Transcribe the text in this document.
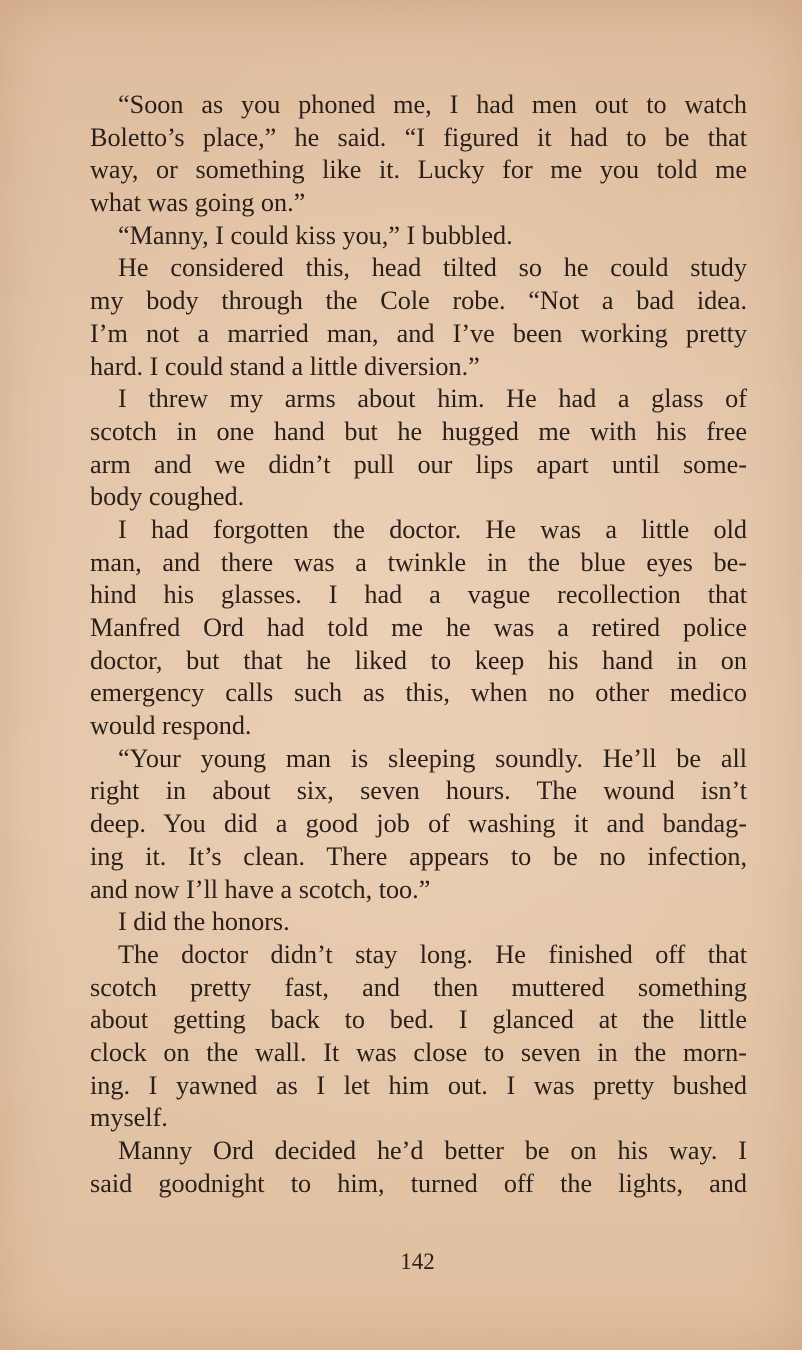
“Soon as you phoned me, I had men out to watch
Boletto’s place,” he said. “I figured it had to be that
way, or something like it. Lucky for me you told me
what was going on.”
“Manny, I could kiss you,” I bubbled.
He considered this, head tilted so he could study
my body through the Cole robe. “Not a bad idea.
I’m not a married man, and I’ve been working pretty
hard. I could stand a little diversion.”
I threw my arms about him. He had a glass of
scotch in one hand but he hugged me with his free
arm and we didn’t pull our lips apart until some-
body coughed.
I had forgotten the doctor. He was a little old
man, and there was a twinkle in the blue eyes be-
hind his glasses. I had a vague recollection that
Manfred Ord had told me he was a retired police
doctor, but that he liked to keep his hand in on
emergency calls such as this, when no other medico
would respond.
“Your young man is sleeping soundly. He’ll be all
right in about six, seven hours. The wound isn’t
deep. You did a good job of washing it and bandag-
ing it. It’s clean. There appears to be no infection,
and now I’ll have a scotch, too.”
I did the honors.
The doctor didn’t stay long. He finished off that
scotch pretty fast, and then muttered something
about getting back to bed. I glanced at the little
clock on the wall. It was close to seven in the morn-
ing. I yawned as I let him out. I was pretty bushed
myself.
Manny Ord decided he’d better be on his way. I
said goodnight to him, turned off the lights, and
142
